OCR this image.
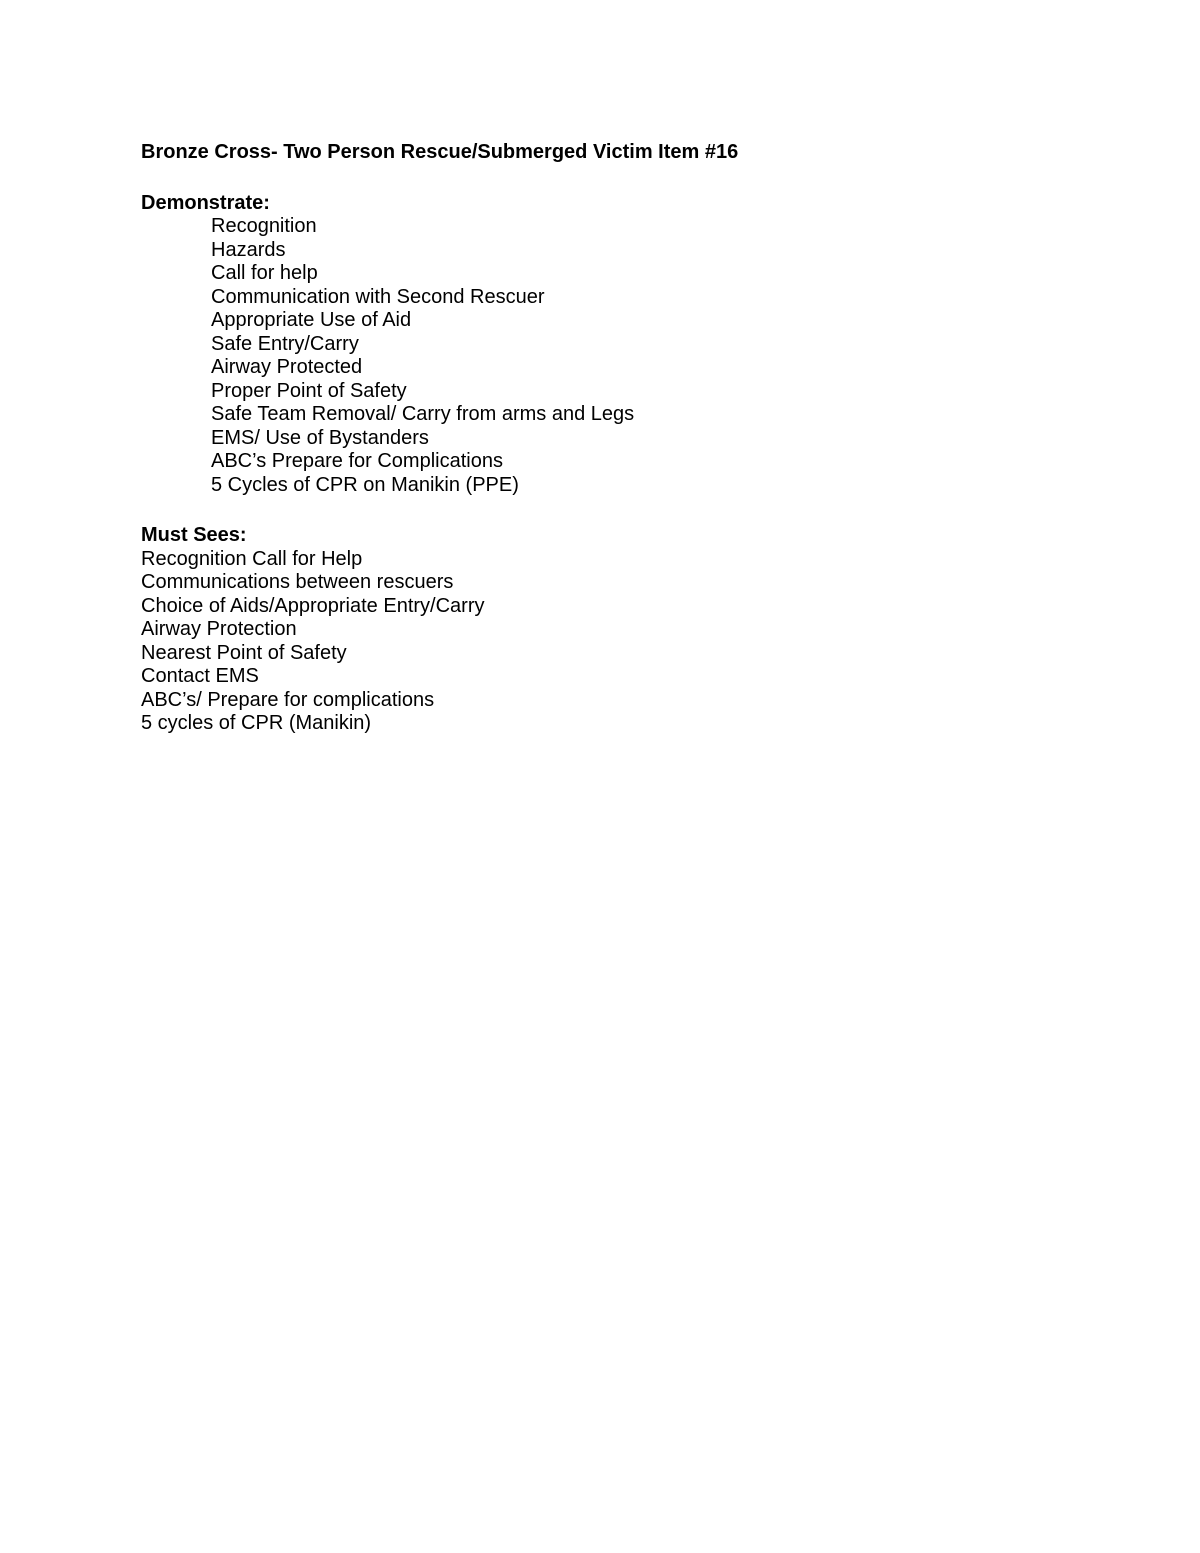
Bronze Cross- Two Person Rescue/Submerged Victim Item #16
Demonstrate:
Recognition
Hazards
Call for help
Communication with Second Rescuer
Appropriate Use of Aid
Safe Entry/Carry
Airway Protected
Proper Point of Safety
Safe Team Removal/ Carry from arms and Legs
EMS/ Use of Bystanders
ABC’s Prepare for Complications
5 Cycles of CPR on Manikin (PPE)
Must Sees:
Recognition Call for Help
Communications between rescuers
Choice of Aids/Appropriate Entry/Carry
Airway Protection
Nearest Point of Safety
Contact EMS
ABC’s/ Prepare for complications
5 cycles of CPR (Manikin)
